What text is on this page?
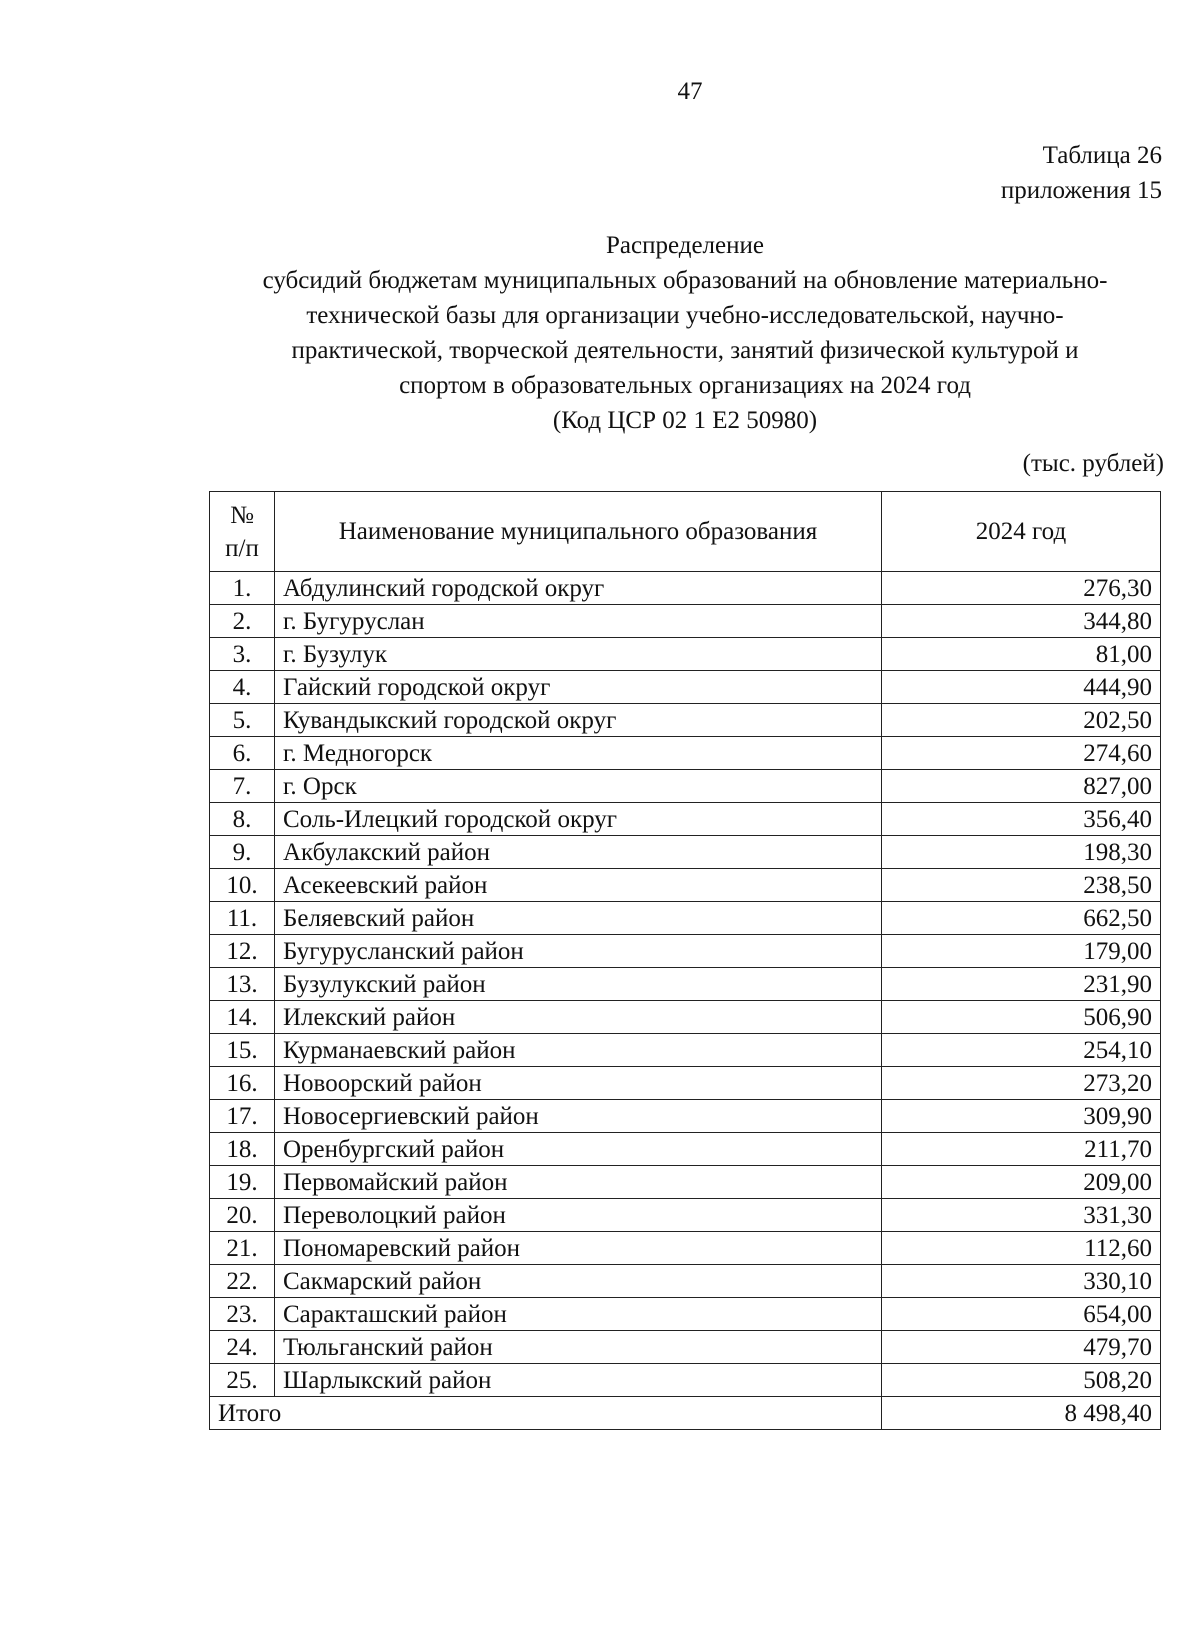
47
Таблица 26
приложения 15
Распределение
субсидий бюджетам муниципальных образований на обновление материально-
технической базы для организации учебно-исследовательской, научно-
практической, творческой деятельности, занятий физической культурой и
спортом в образовательных организациях на 2024 год
(Код ЦСР 02 1 Е2 50980)
(тыс. рублей)
№ п/п	Наименование муниципального образования	2024 год
1.	Абдулинский городской округ	276,30
2.	г. Бугуруслан	344,80
3.	г. Бузулук	81,00
4.	Гайский городской округ	444,90
5.	Кувандыкский городской округ	202,50
6.	г. Медногорск	274,60
7.	г. Орск	827,00
8.	Соль-Илецкий городской округ	356,40
9.	Акбулакский район	198,30
10.	Асекеевский район	238,50
11.	Беляевский район	662,50
12.	Бугурусланский район	179,00
13.	Бузулукский район	231,90
14.	Илекский район	506,90
15.	Курманаевский район	254,10
16.	Новоорский район	273,20
17.	Новосергиевский район	309,90
18.	Оренбургский район	211,70
19.	Первомайский район	209,00
20.	Переволоцкий район	331,30
21.	Пономаревский район	112,60
22.	Сакмарский район	330,10
23.	Саракташский район	654,00
24.	Тюльганский район	479,70
25.	Шарлыкский район	508,20
Итого		8 498,40
